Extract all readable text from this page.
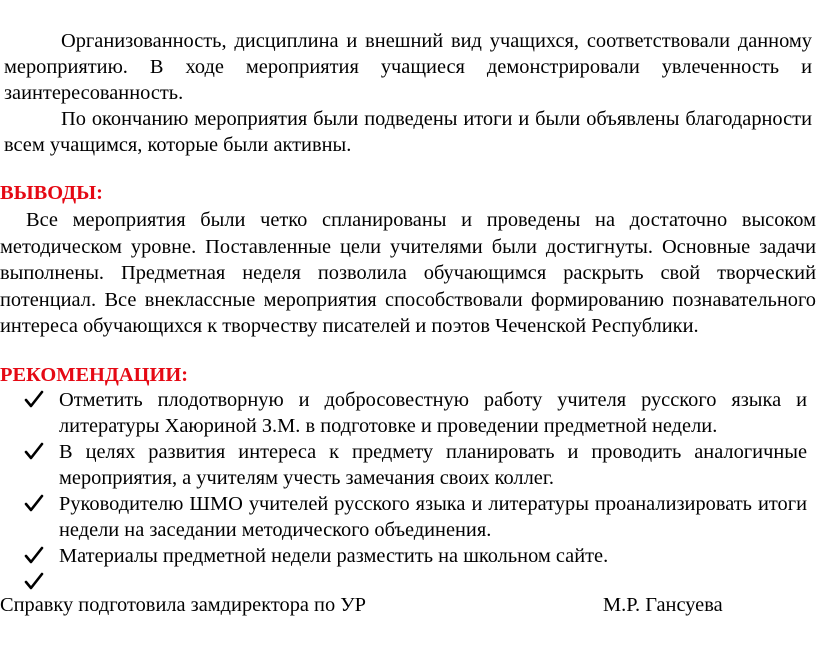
Организованность, дисциплина и внешний вид учащихся, соответствовали данному мероприятию. В ходе мероприятия учащиеся демонстрировали увлеченность и заинтересованность.
По окончанию мероприятия были подведены итоги и были объявлены благодарности всем учащимся, которые были активны.
ВЫВОДЫ:
Все мероприятия были четко спланированы и проведены на достаточно высоком методическом уровне. Поставленные цели учителями были достигнуты. Основные задачи выполнены. Предметная неделя позволила обучающимся раскрыть свой творческий потенциал. Все внеклассные мероприятия способствовали формированию познавательного интереса обучающихся к творчеству писателей и поэтов Чеченской Республики.
РЕКОМЕНДАЦИИ:
Отметить плодотворную и добросовестную работу учителя русского языка и литературы Хаюриной З.М. в подготовке и проведении предметной недели.
В целях развития интереса к предмету планировать и проводить аналогичные мероприятия, а учителям учесть замечания своих коллег.
Руководителю ШМО учителей русского языка и литературы проанализировать итоги недели на заседании методического объединения.
Материалы предметной недели разместить на школьном сайте.
Справку подготовила замдиректора по УР	М.Р. Гансуева
